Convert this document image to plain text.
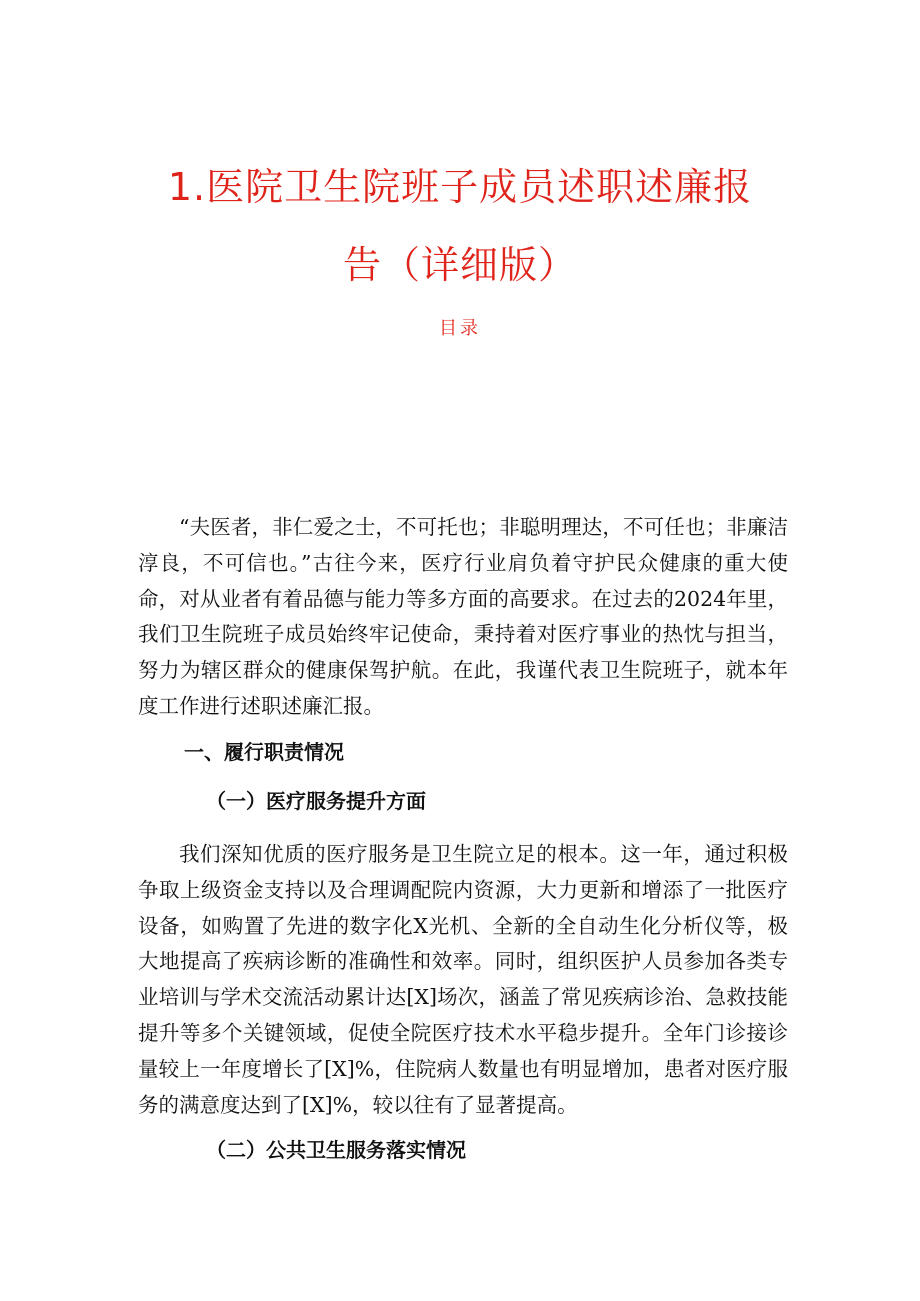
1.医院卫生院班子成员述职述廉报
告（详细版）
目录

“夫医者，非仁爱之士，不可托也；非聪明理达，不可任也；非廉洁淳良，不可信也。”古往今来，医疗行业肩负着守护民众健康的重大使命，对从业者有着品德与能力等多方面的高要求。在过去的2024年里，我们卫生院班子成员始终牢记使命，秉持着对医疗事业的热忱与担当，努力为辖区群众的健康保驾护航。在此，我谨代表卫生院班子，就本年度工作进行述职述廉汇报。

一、履行职责情况
（一）医疗服务提升方面

我们深知优质的医疗服务是卫生院立足的根本。这一年，通过积极争取上级资金支持以及合理调配院内资源，大力更新和增添了一批医疗设备，如购置了先进的数字化X光机、全新的全自动生化分析仪等，极大地提高了疾病诊断的准确性和效率。同时，组织医护人员参加各类专业培训与学术交流活动累计达[X]场次，涵盖了常见疾病诊治、急救技能提升等多个关键领域，促使全院医疗技术水平稳步提升。全年门诊接诊量较上一年度增长了[X]%，住院病人数量也有明显增加，患者对医疗服务的满意度达到了[X]%，较以往有了显著提高。

（二）公共卫生服务落实情况
